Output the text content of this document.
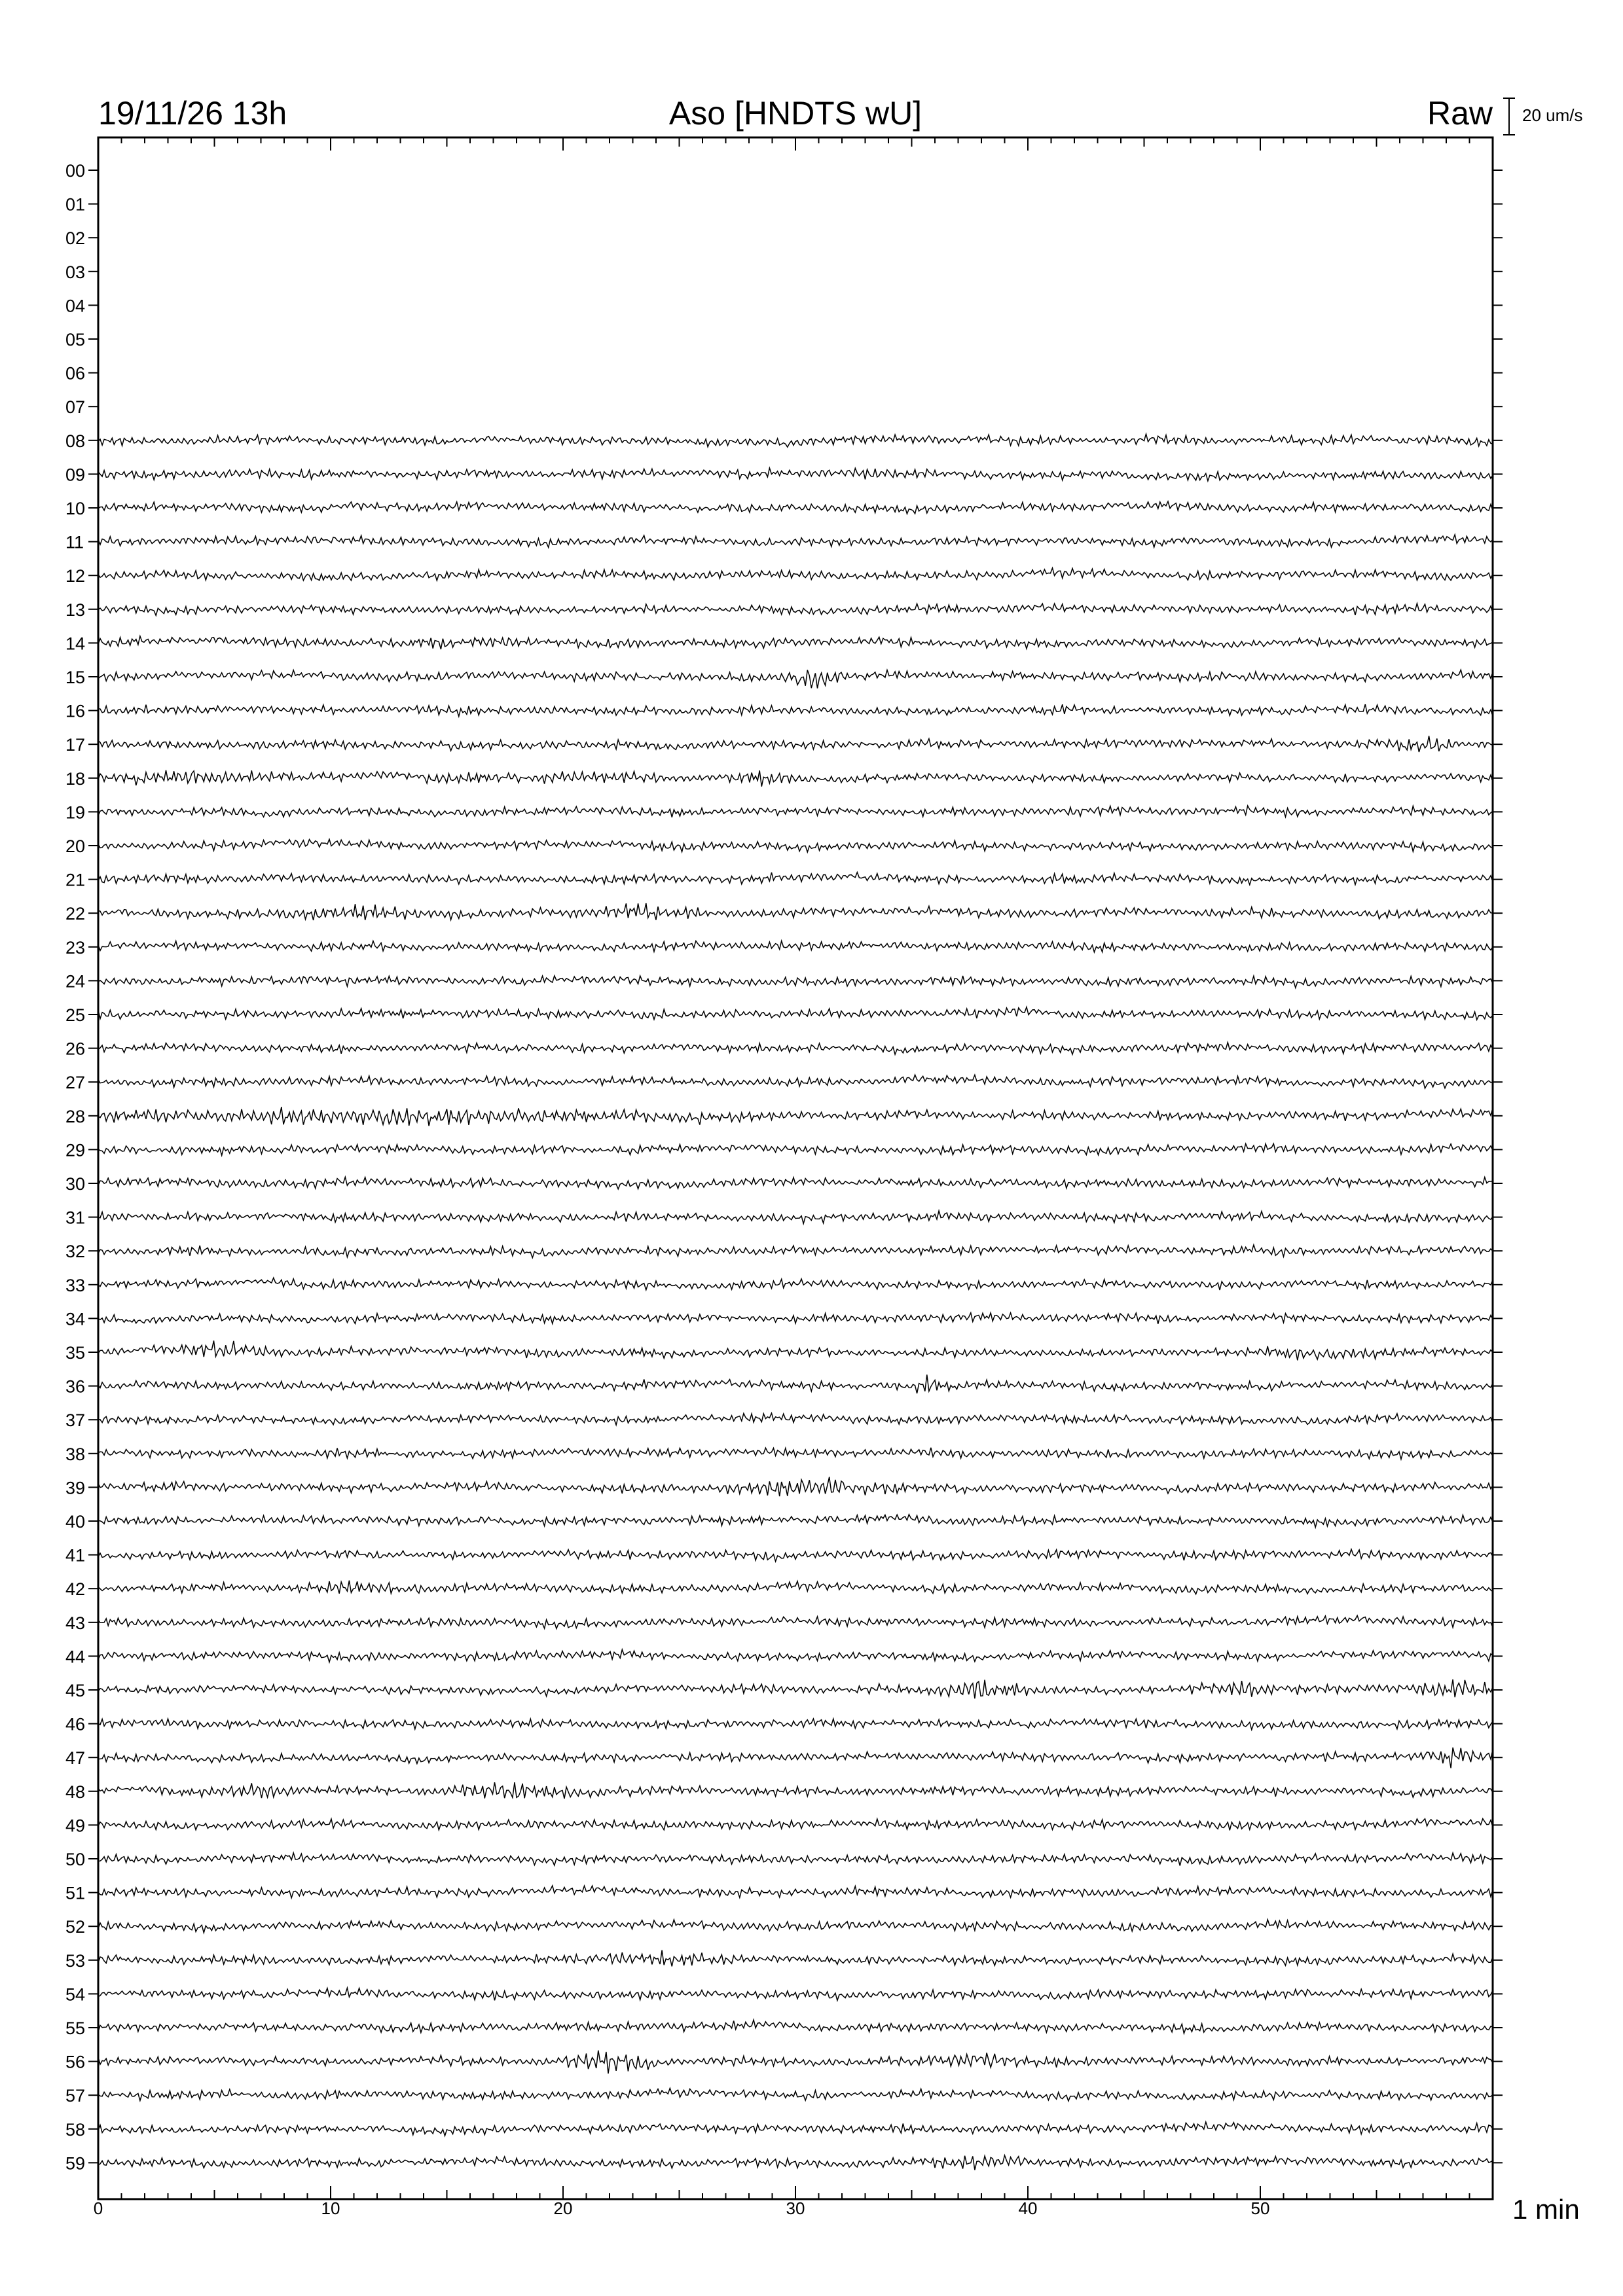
19/11/26 13h	Aso [HNDTS wU]	Raw 20 um/s
00
01
02
03
04
05
06
07
08
09
10
11
12
13
14
15
16
17
18
19
20
21
22
23
24
25
26
27
28
29
30
31
32
33
34
35
36
37
38
39
40
41
42
43
44
45
46
47
48
49
50
51
52
53
54
55
56
57
58
59
0	10	20	30	40	50	1 min
